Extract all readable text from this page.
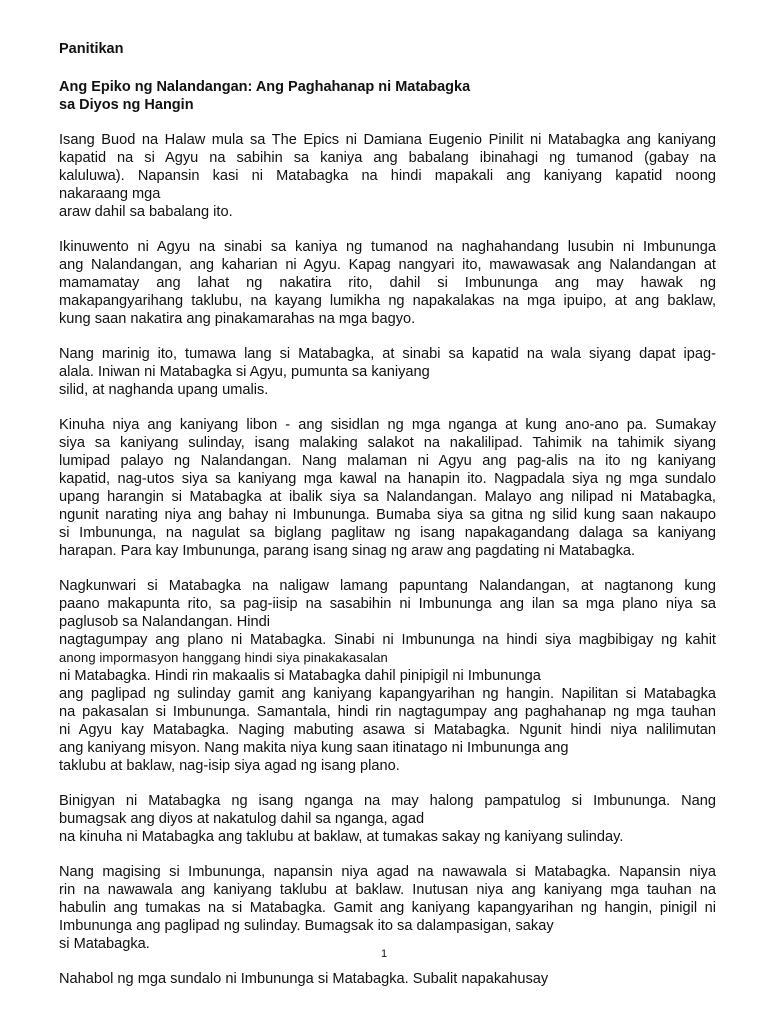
Panitikan
Ang Epiko ng Nalandangan: Ang Paghahanap ni Matabagka
sa Diyos ng Hangin
Isang Buod na Halaw mula sa The Epics ni Damiana Eugenio Pinilit ni Matabagka ang kaniyang
kapatid na si Agyu na sabihin sa kaniya ang babalang ibinahagi ng tumanod (gabay na
kaluluwa). Napansin kasi ni Matabagka na hindi mapakali ang kaniyang kapatid noong
nakaraang mga
araw dahil sa babalang ito.
Ikinuwento ni Agyu na sinabi sa kaniya ng tumanod na naghahandang lusubin ni Imbununga
ang Nalandangan, ang kaharian ni Agyu. Kapag nangyari ito, mawawasak ang Nalandangan at
mamamatay ang lahat ng nakatira rito, dahil si Imbununga ang may hawak ng
makapangyarihang taklubu, na kayang lumikha ng napakalakas na mga ipuipo, at ang baklaw,
kung saan nakatira ang pinakamarahas na mga bagyo.
Nang marinig ito, tumawa lang si Matabagka, at sinabi sa kapatid na wala siyang dapat ipag-
alala. Iniwan ni Matabagka si Agyu, pumunta sa kaniyang
silid, at naghanda upang umalis.
Kinuha niya ang kaniyang libon - ang sisidlan ng mga nganga at kung ano-ano pa. Sumakay
siya sa kaniyang sulinday, isang malaking salakot na nakalilipad. Tahimik na tahimik siyang
lumipad palayo ng Nalandangan. Nang malaman ni Agyu ang pag-alis na ito ng kaniyang
kapatid, nag-utos siya sa kaniyang mga kawal na hanapin ito. Nagpadala siya ng mga sundalo
upang harangin si Matabagka at ibalik siya sa Nalandangan. Malayo ang nilipad ni Matabagka,
ngunit narating niya ang bahay ni Imbununga. Bumaba siya sa gitna ng silid kung saan nakaupo
si Imbununga, na nagulat sa biglang paglitaw ng isang napakagandang dalaga sa kaniyang
harapan. Para kay Imbununga, parang isang sinag ng araw ang pagdating ni Matabagka.
Nagkunwari si Matabagka na naligaw lamang papuntang Nalandangan, at nagtanong kung
paano makapunta rito, sa pag-iisip na sasabihin ni Imbununga ang ilan sa mga plano niya sa
paglusob sa Nalandangan. Hindi
nagtagumpay ang plano ni Matabagka. Sinabi ni Imbununga na hindi siya magbibigay ng kahit
anong impormasyon hanggang hindi siya pinakakasalan
ni Matabagka. Hindi rin makaalis si Matabagka dahil pinipigil ni Imbununga
ang paglipad ng sulinday gamit ang kaniyang kapangyarihan ng hangin. Napilitan si Matabagka
na pakasalan si Imbununga. Samantala, hindi rin nagtagumpay ang paghahanap ng mga tauhan
ni Agyu kay Matabagka. Naging mabuting asawa si Matabagka. Ngunit hindi niya nalilimutan
ang kaniyang misyon. Nang makita niya kung saan itinatago ni Imbununga ang
taklubu at baklaw, nag-isip siya agad ng isang plano.
Binigyan ni Matabagka ng isang nganga na may halong pampatulog si Imbununga. Nang
bumagsak ang diyos at nakatulog dahil sa nganga, agad
na kinuha ni Matabagka ang taklubu at baklaw, at tumakas sakay ng kaniyang sulinday.
Nang magising si Imbununga, napansin niya agad na nawawala si Matabagka. Napansin niya
rin na nawawala ang kaniyang taklubu at baklaw. Inutusan niya ang kaniyang mga tauhan na
habulin ang tumakas na si Matabagka. Gamit ang kaniyang kapangyarihan ng hangin, pinigil ni
Imbununga ang paglipad ng sulinday. Bumagsak ito sa dalampasigan, sakay
si Matabagka.
Nahabol ng mga sundalo ni Imbununga si Matabagka. Subalit napakahusay
1
